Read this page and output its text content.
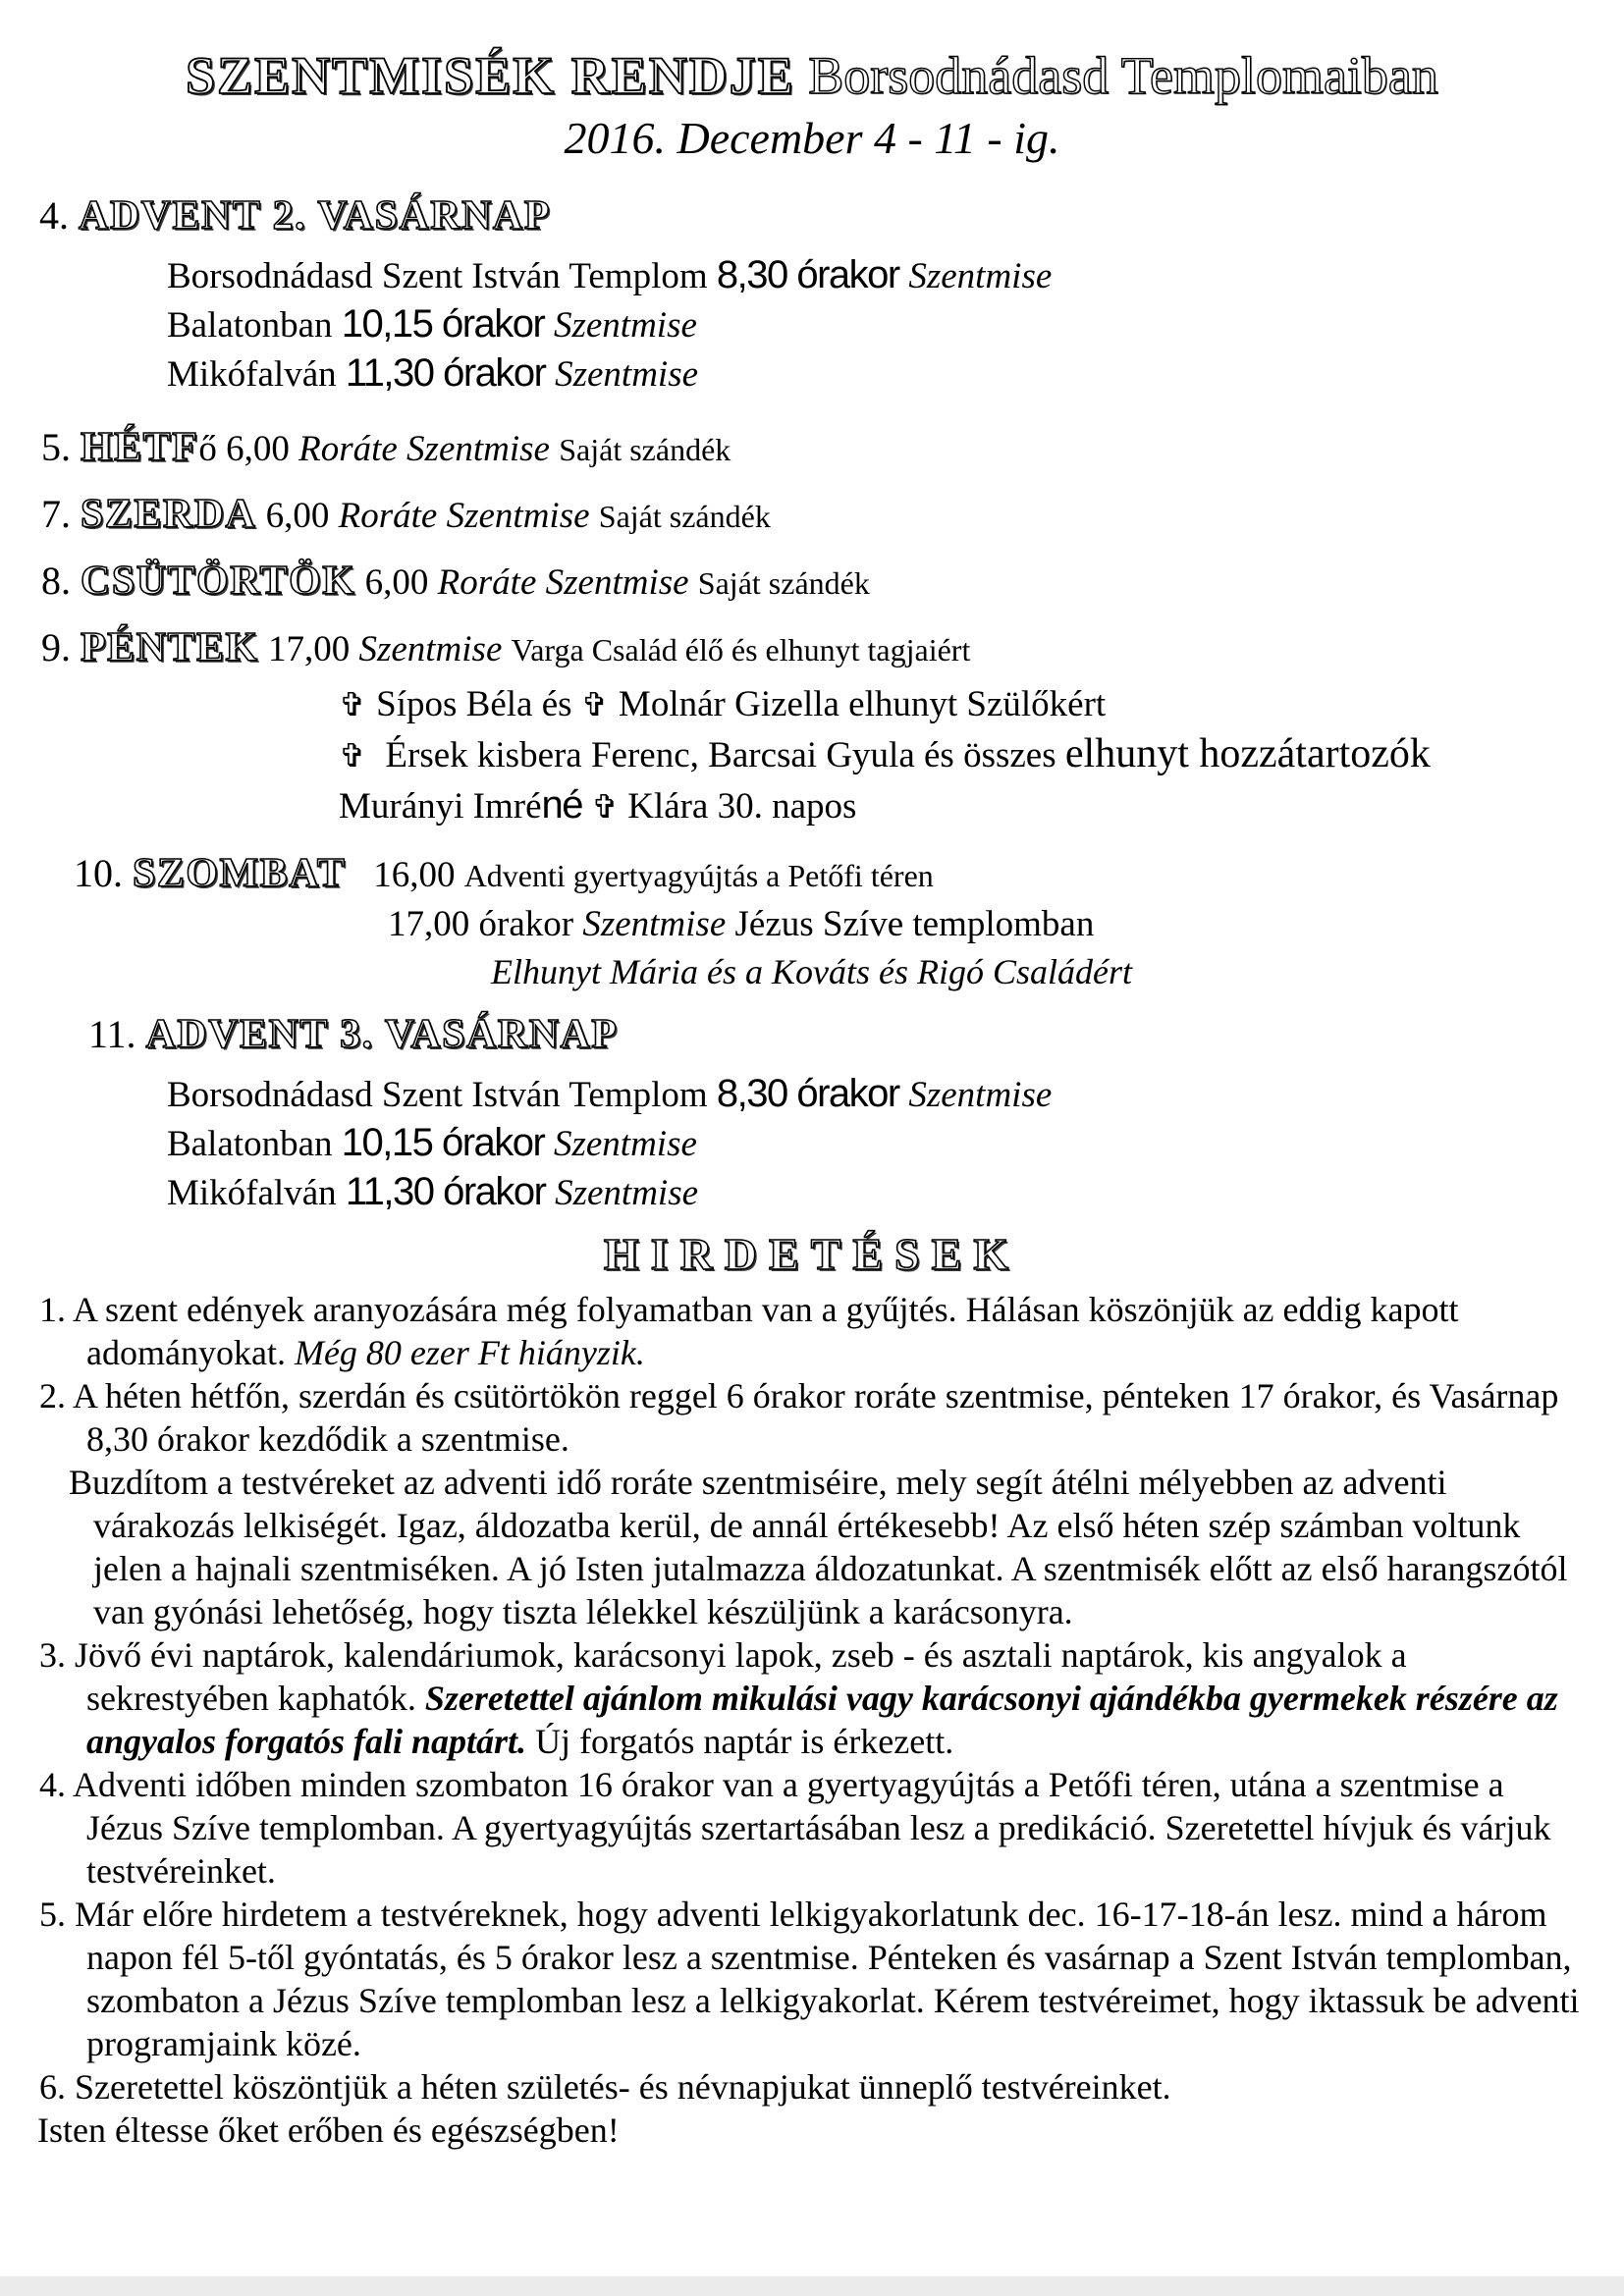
SZENTMISÉK RENDJE Borsodnádasd Templomaiban
2016. December 4 - 11 - ig.
4. ADVENT 2. VASÁRNAP
Borsodnádasd Szent István Templom 8,30 órakor Szentmise
Balatonban 10,15 órakor Szentmise
Mikófalván 11,30 órakor Szentmise
5. HÉTFő 6,00 Roráte Szentmise Saját szándék
7. SZERDA 6,00 Roráte Szentmise Saját szándék
8. CSÜTÖRTÖK 6,00 Roráte Szentmise Saját szándék
9. PÉNTEK 17,00 Szentmise Varga Család élő és elhunyt tagjaiért
✞ Sípos Béla és ✞ Molnár Gizella elhunyt Szülőkért
✞  Érsek kisbera Ferenc, Barcsai Gyula és összes elhunyt hozzátartozók
Murányi Imréné ✞ Klára 30. napos
10. SZOMBAT 16,00 Adventi gyertyagyújtás a Petőfi téren
17,00 órakor Szentmise Jézus Szíve templomban
Elhunyt Mária és a Kováts és Rigó Családért
11. ADVENT 3. VASÁRNAP
Borsodnádasd Szent István Templom 8,30 órakor Szentmise
Balatonban 10,15 órakor Szentmise
Mikófalván 11,30 órakor Szentmise
HIRDETÉSEK
1. A szent edények aranyozására még folyamatban van a gyűjtés. Hálásan köszönjük az eddig kapott adományokat. Még 80 ezer Ft hiányzik.
2. A héten hétfőn, szerdán és csütörtökön reggel 6 órakor roráte szentmise, pénteken 17 órakor, és Vasárnap 8,30 órakor kezdődik a szentmise.
Buzdítom a testvéreket az adventi idő roráte szentmiséire, mely segít átélni mélyebben az adventi várakozás lelkiségét. Igaz, áldozatba kerül, de annál értékesebb! Az első héten szép számban voltunk jelen a hajnali szentmiséken. A jó Isten jutalmazza áldozatunkat. A szentmisék előtt az első harangszótól van gyónási lehetőség, hogy tiszta lélekkel készüljünk a karácsonyra.
3. Jövő évi naptárok, kalendáriumok, karácsonyi lapok, zseb - és asztali naptárok, kis angyalok a sekrestyében kaphatók. Szeretettel ajánlom mikulási vagy karácsonyi ajándékba gyermekek részére az angyalos forgatós fali naptárt. Új forgatós naptár is érkezett.
4. Adventi időben minden szombaton 16 órakor van a gyertyagyújtás a Petőfi téren, utána a szentmise a Jézus Szíve templomban. A gyertyagyújtás szertartásában lesz a predikáció. Szeretettel hívjuk és várjuk testvéreinket.
5. Már előre hirdetem a testvéreknek, hogy adventi lelkigyakorlatunk dec. 16-17-18-án lesz. mind a három napon fél 5-től gyóntatás, és 5 órakor lesz a szentmise. Pénteken és vasárnap a Szent István templomban, szombaton a Jézus Szíve templomban lesz a lelkigyakorlat. Kérem testvéreimet, hogy iktassuk be adventi programjaink közé.
6. Szeretettel köszöntjük a héten születés- és névnapjukat ünneplő testvéreinket.
Isten éltesse őket erőben és egészségben!
